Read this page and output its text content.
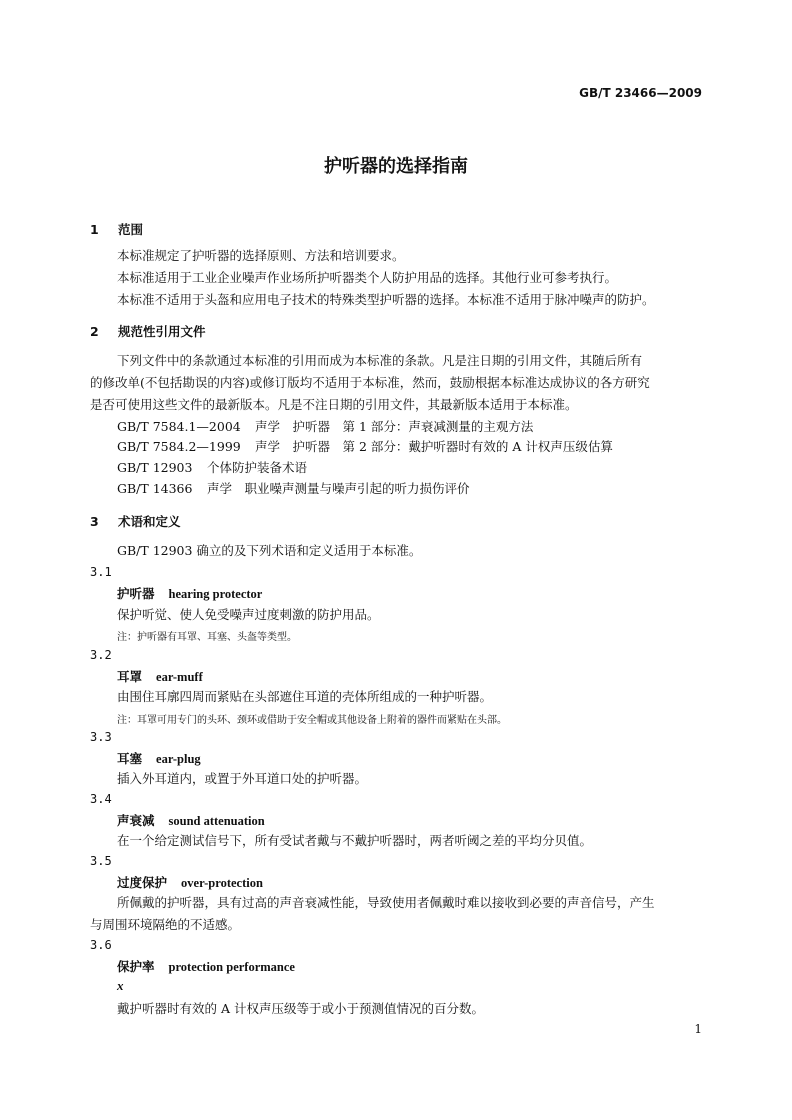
GB/T 23466—2009
护听器的选择指南
1 范围
本标准规定了护听器的选择原则、方法和培训要求。
本标准适用于工业企业噪声作业场所护听器类个人防护用品的选择。其他行业可参考执行。
本标准不适用于头盔和应用电子技术的特殊类型护听器的选择。本标准不适用于脉冲噪声的防护。
2 规范性引用文件
下列文件中的条款通过本标准的引用而成为本标准的条款。凡是注日期的引用文件，其随后所有
的修改单(不包括勘误的内容)或修订版均不适用于本标准，然而，鼓励根据本标准达成协议的各方研究
是否可使用这些文件的最新版本。凡是不注日期的引用文件，其最新版本适用于本标准。
GB/T 7584.1—2004 声学　护听器　第 1 部分：声衰减测量的主观方法
GB/T 7584.2—1999 声学　护听器　第 2 部分：戴护听器时有效的 A 计权声压级估算
GB/T 12903 个体防护装备术语
GB/T 14366 声学　职业噪声测量与噪声引起的听力损伤评价
3 术语和定义
GB/T 12903 确立的及下列术语和定义适用于本标准。
3.1
护听器 hearing protector
保护听觉、使人免受噪声过度刺激的防护用品。
注：护听器有耳罩、耳塞、头盔等类型。
3.2
耳罩 ear-muff
由围住耳廓四周而紧贴在头部遮住耳道的壳体所组成的一种护听器。
注：耳罩可用专门的头环、颈环或借助于安全帽或其他设备上附着的器件而紧贴在头部。
3.3
耳塞 ear-plug
插入外耳道内，或置于外耳道口处的护听器。
3.4
声衰减 sound attenuation
在一个给定测试信号下，所有受试者戴与不戴护听器时，两者听阈之差的平均分贝值。
3.5
过度保护 over-protection
所佩戴的护听器，具有过高的声音衰减性能，导致使用者佩戴时难以接收到必要的声音信号，产生
与周围环境隔绝的不适感。
3.6
保护率 protection performance
x
戴护听器时有效的 A 计权声压级等于或小于预测值情况的百分数。
1
